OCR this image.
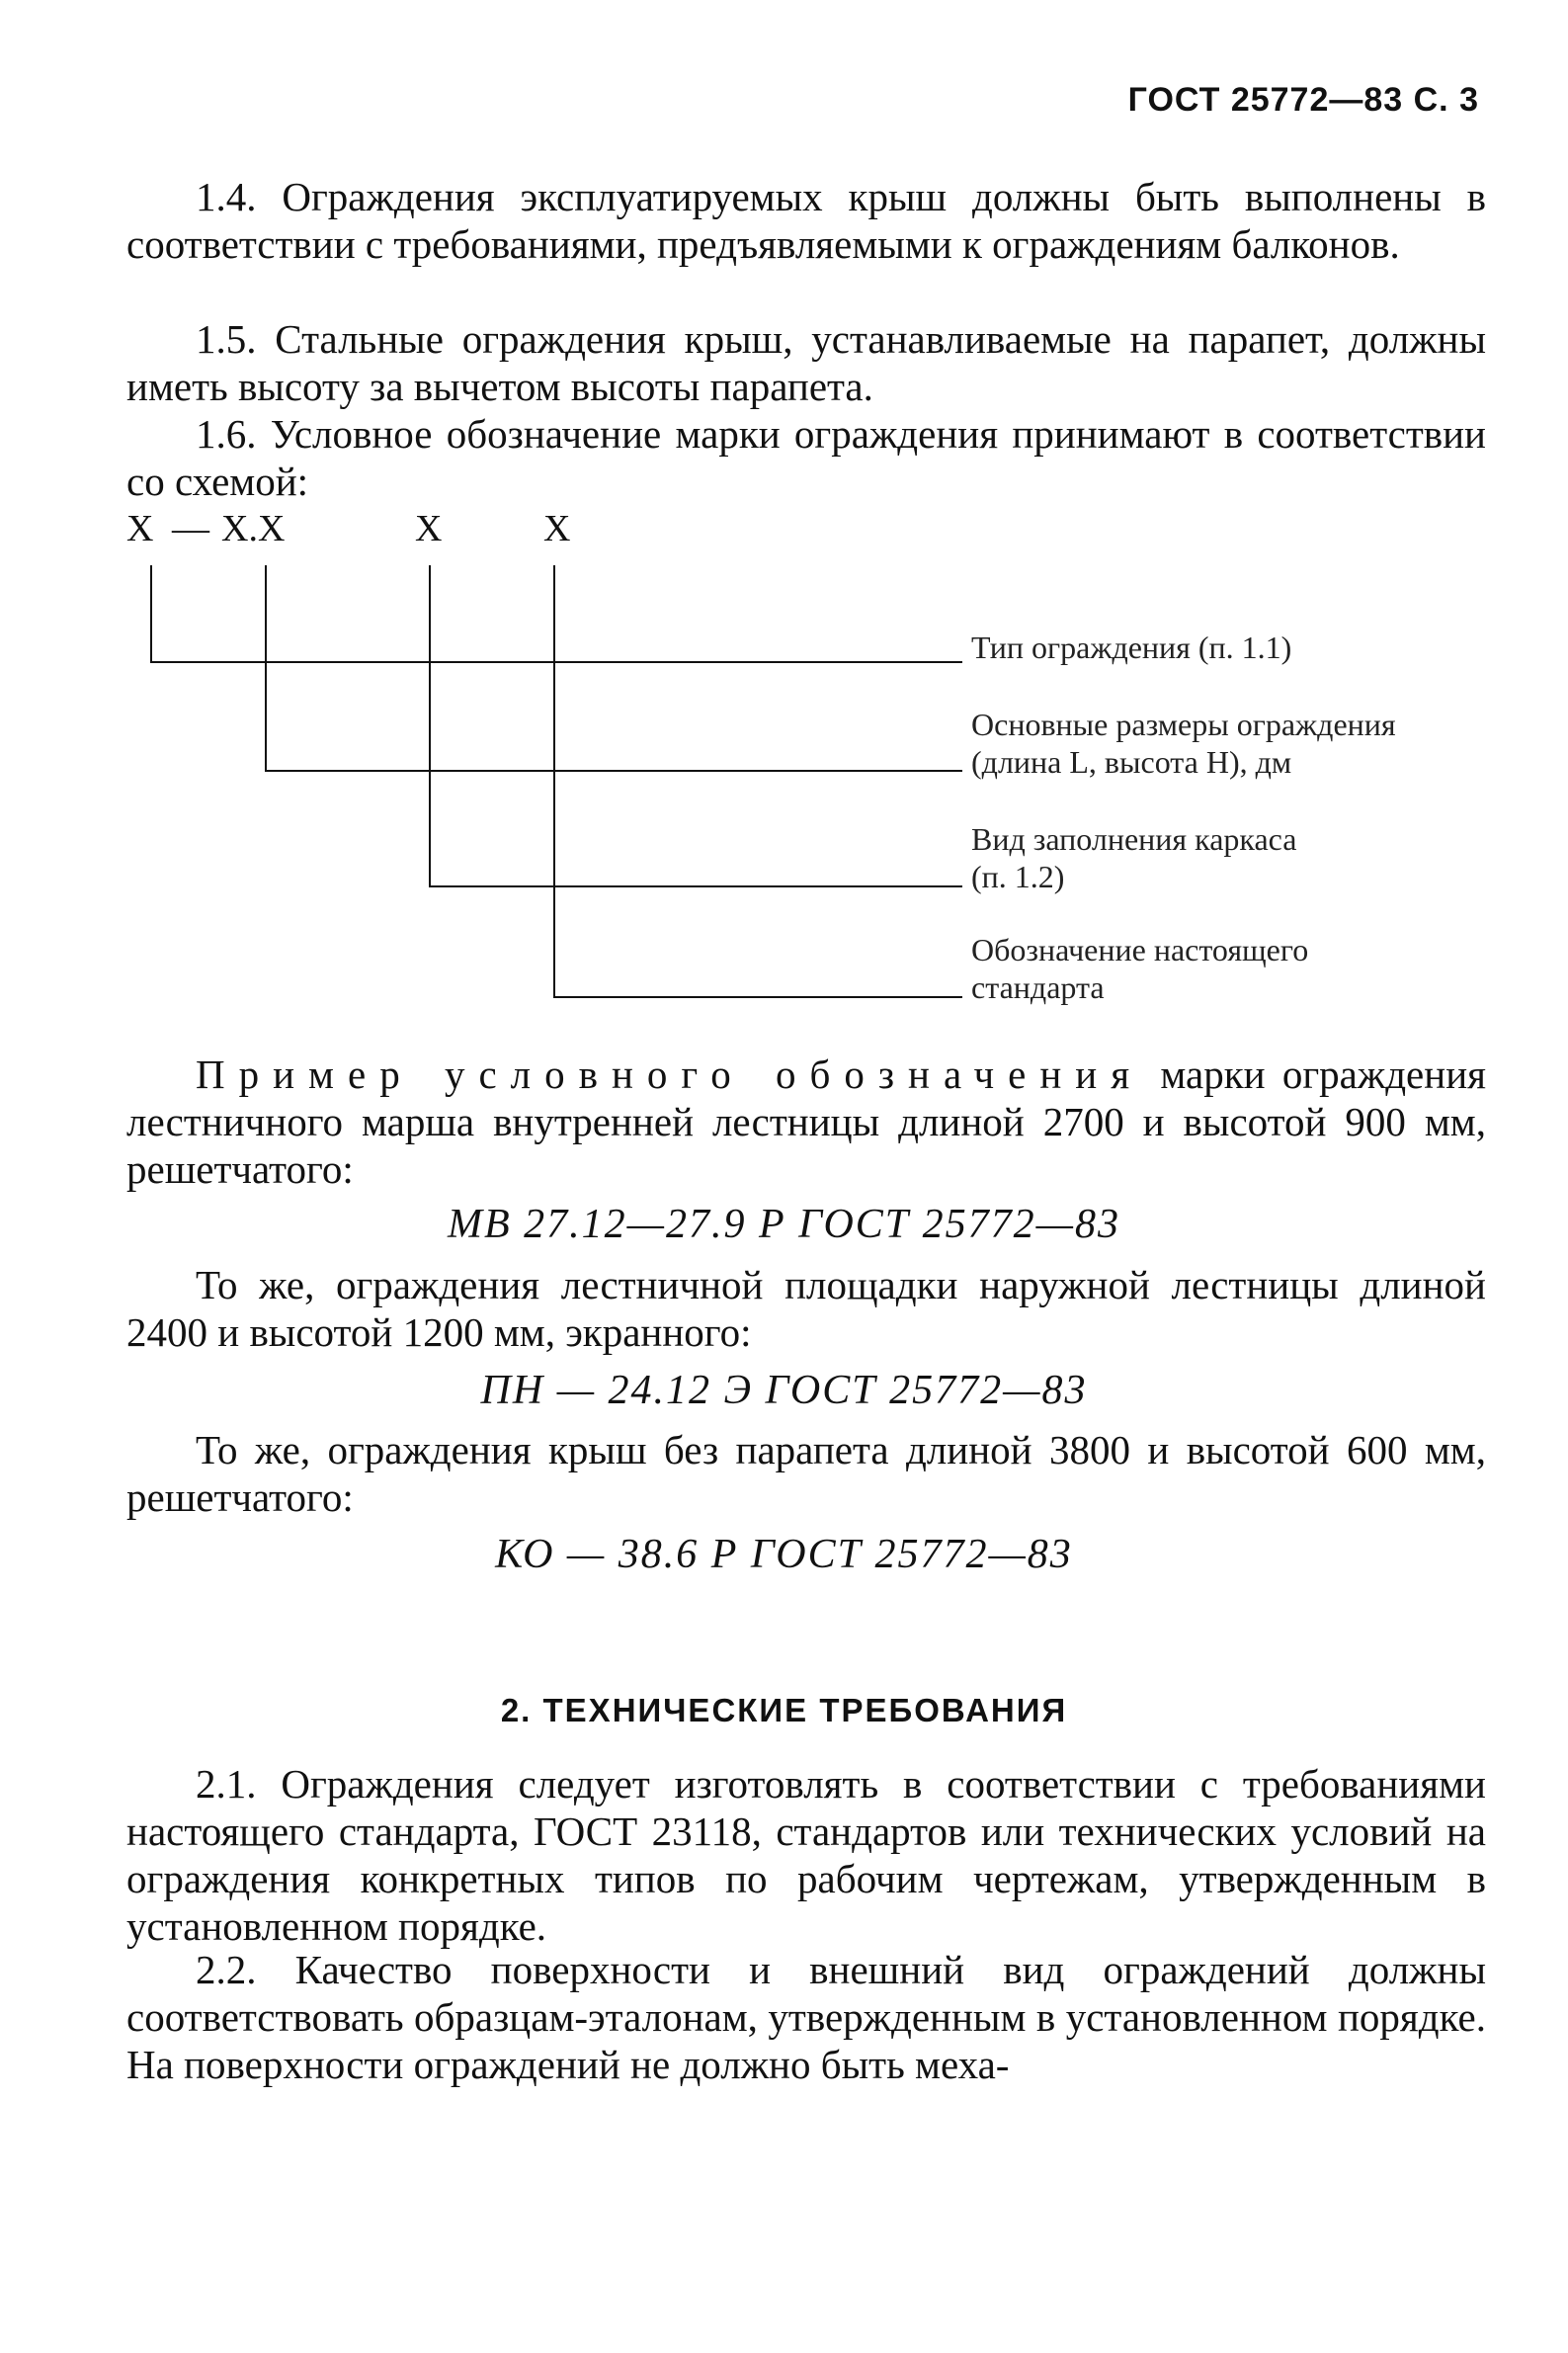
ГОСТ 25772—83 С. 3

1.4. Ограждения эксплуатируемых крыш должны быть выполнены в соответствии с требованиями, предъявляемыми к ограждениям балконов.

1.5. Стальные ограждения крыш, устанавливаемые на парапет, должны иметь высоту за вычетом высоты парапета.

1.6. Условное обозначение марки ограждения принимают в соответствии со схемой:

Х — Х.Х	Х	Х
Тип ограждения (п. 1.1)
Основные размеры ограждения
(длина L, высота H), дм
Вид заполнения каркаса
(п. 1.2)
Обозначение настоящего
стандарта

Пример условного обозначения марки ограждения лестничного марша внутренней лестницы длиной 2700 и высотой 900 мм, решетчатого:

МВ 27.12—27.9 Р ГОСТ 25772—83

То же, ограждения лестничной площадки наружной лестницы длиной 2400 и высотой 1200 мм, экранного:

ПН — 24.12 Э ГОСТ 25772—83

То же, ограждения крыш без парапета длиной 3800 и высотой 600 мм, решетчатого:

КО — 38.6 Р ГОСТ 25772—83
2. ТЕХНИЧЕСКИЕ ТРЕБОВАНИЯ

2.1. Ограждения следует изготовлять в соответствии с требованиями настоящего стандарта, ГОСТ 23118, стандартов или технических условий на ограждения конкретных типов по рабочим чертежам, утвержденным в установленном порядке.

2.2. Качество поверхности и внешний вид ограждений должны соответствовать образцам-эталонам, утвержденным в установленном порядке. На поверхности ограждений не должно быть меха-
